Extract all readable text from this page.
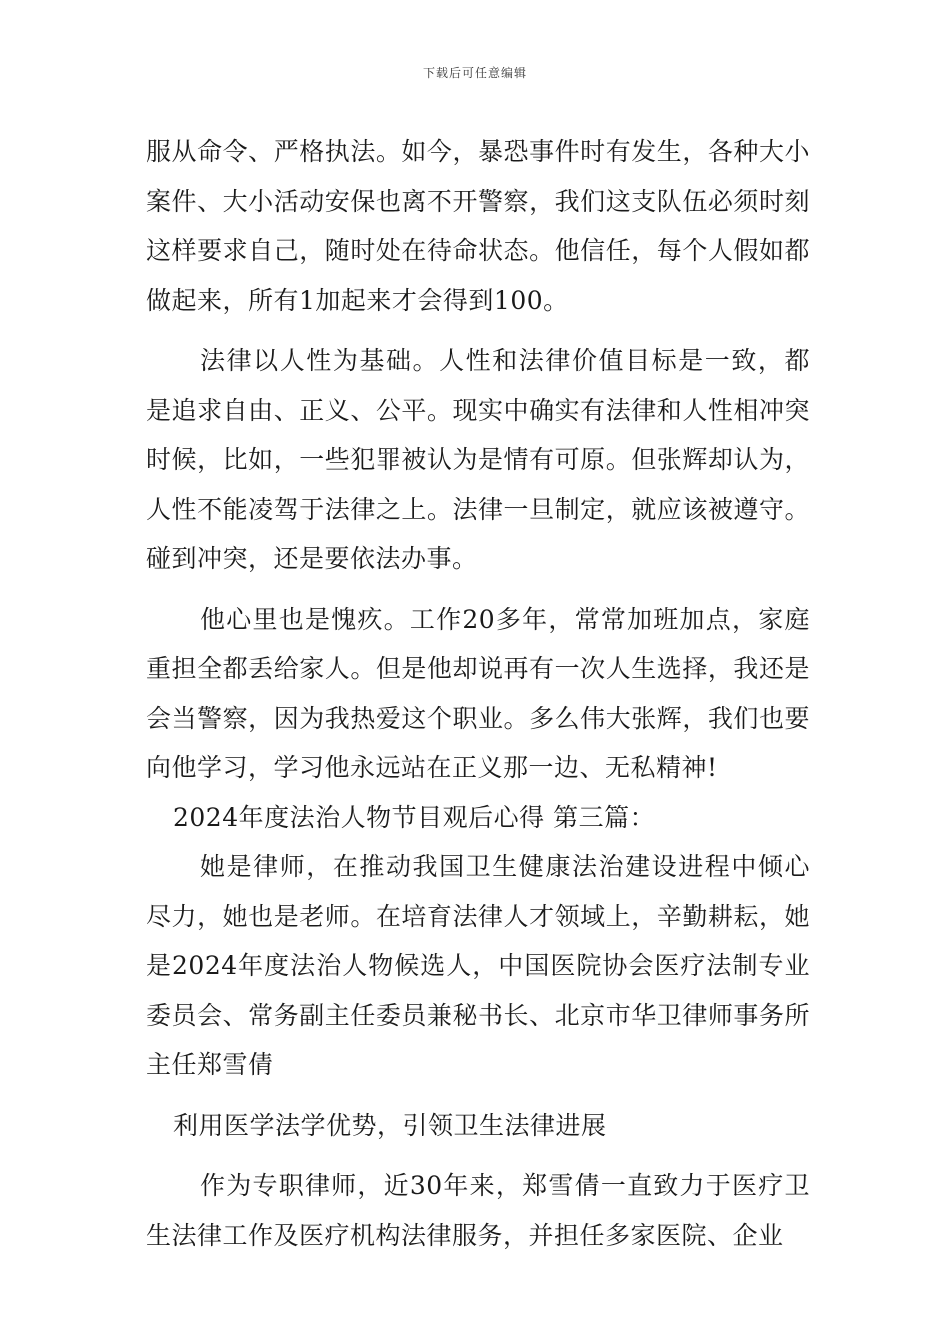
下载后可任意编辑

服从命令、严格执法。如今，暴恐事件时有发生，各种大小案件、大小活动安保也离不开警察，我们这支队伍必须时刻这样要求自己，随时处在待命状态。他信任，每个人假如都做起来，所有1加起来才会得到100。

法律以人性为基础。人性和法律价值目标是一致，都是追求自由、正义、公平。现实中确实有法律和人性相冲突时候，比如，一些犯罪被认为是情有可原。但张辉却认为，人性不能凌驾于法律之上。法律一旦制定，就应该被遵守。碰到冲突，还是要依法办事。

他心里也是愧疚。工作20多年，常常加班加点，家庭重担全都丢给家人。但是他却说再有一次人生选择，我还是会当警察，因为我热爱这个职业。多么伟大张辉，我们也要向他学习，学习他永远站在正义那一边、无私精神!

2024年度法治人物节目观后心得 第三篇：

她是律师，在推动我国卫生健康法治建设进程中倾心尽力，她也是老师。在培育法律人才领域上，辛勤耕耘，她是2024年度法治人物候选人，中国医院协会医疗法制专业委员会、常务副主任委员兼秘书长、北京市华卫律师事务所主任郑雪倩

利用医学法学优势，引领卫生法律进展

作为专职律师，近30年来，郑雪倩一直致力于医疗卫生法律工作及医疗机构法律服务，并担任多家医院、企业
